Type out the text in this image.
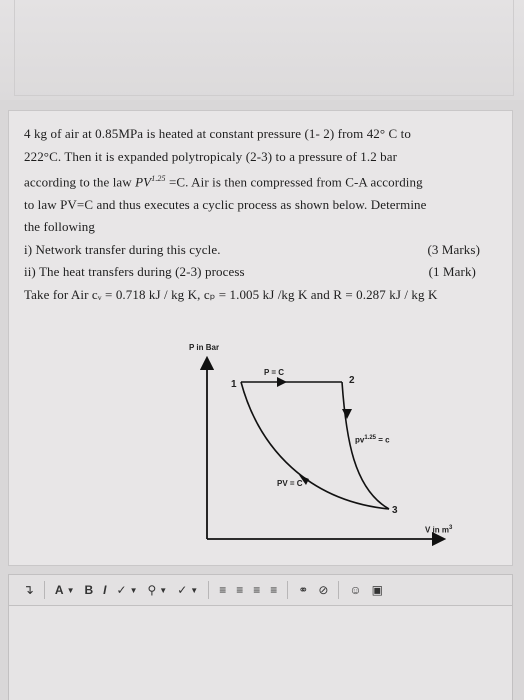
4 kg of air at 0.85MPa is heated at constant pressure (1- 2) from 42° C to
222°C. Then it is expanded polytropicaly (2-3) to a pressure of 1.2 bar
according to the law $PV^{1.25} =C$. Air is then compressed from C-A according
to law PV=C and thus executes a cyclic process as shown below. Determine
the following
i) Network transfer during this cycle.	(3 Marks)
ii) The heat transfers during (2-3) process	(1 Mark)
Take for Air cᵥ = 0.718 kJ / kg K, cₚ = 1.005 kJ /kg K and R = 0.287 kJ / kg K
P in Bar
P = C
1	2
3
$pv^{1.25} = c$
PV = C
V in $m^3$
↴ A ▼ B I ✓ ▼ ⚲ ▼ ✓ ▼ ≡ ≡ ≡ ≡ ⚭ ⊘ ☺ ▣
